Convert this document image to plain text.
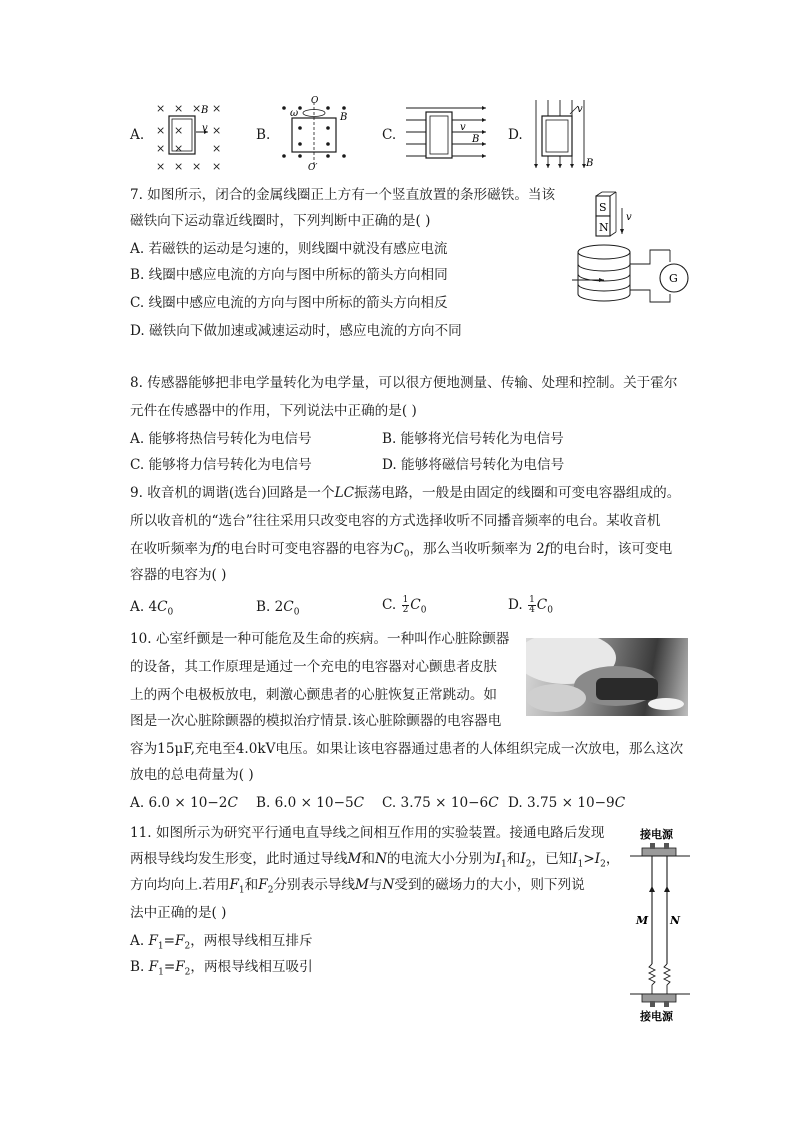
A.
× × × ×
×	×
×	×
× × × ×
×
×
B
v	B.
O
O′
ω	B
C.	v
B D.
v
B
7. 如图所示，闭合的金属线圈正上方有一个竖直放置的条形磁铁。当该
磁铁向下运动靠近线圈时，下列判断中正确的是( )
A. 若磁铁的运动是匀速的，则线圈中就没有感应电流
B. 线圈中感应电流的方向与图中所标的箭头方向相同
C. 线圈中感应电流的方向与图中所标的箭头方向相反
D. 磁铁向下做加速或减速运动时，感应电流的方向不同
S
N
v
G
8. 传感器能够把非电学量转化为电学量，可以很方便地测量、传输、处理和控制。关于霍尔
元件在传感器中的作用，下列说法中正确的是( )
A. 能够将热信号转化为电信号	B. 能够将光信号转化为电信号
C. 能够将力信号转化为电信号	D. 能够将磁信号转化为电信号
9. 收音机的调谐(选台)回路是一个LC振荡电路，一般是由固定的线圈和可变电容器组成的。
所以收音机的“选台”往往采用只改变电容的方式选择收听不同播音频率的电台。某收音机
在收听频率为f的电台时可变电容器的电容为$C_0$，那么当收听频率为 2f的电台时，该可变电
容器的电容为( )
A. $4C_0$	B. $2C_0$	C. $\frac{1}{2} C_0$	D. $\frac{1}{4} C_0$
10. 心室纤颤是一种可能危及生命的疾病。一种叫作心脏除颤器
的设备，其工作原理是通过一个充电的电容器对心颤患者皮肤
上的两个电极板放电，刺激心颤患者的心脏恢复正常跳动。如
图是一次心脏除颤器的模拟治疗情景.该心脏除颤器的电容器电
容为15μF,充电至4.0kV电压。如果让该电容器通过患者的人体组织完成一次放电，那么这次
放电的总电荷量为( )
A. 6.0 × 10−2C B. 6.0 × 10−5C C. 3.75 × 10−6C D. 3.75 × 10−9C
11. 如图所示为研究平行通电直导线之间相互作用的实验装置。接通电路后发现
两根导线均发生形变，此时通过导线M和N的电流大小分别为$I_1$和$I_2$，已知$I_1>I_2$，
方向均向上.若用$F_1$和$F_2$分别表示导线M与N受到的磁场力的大小，则下列说
法中正确的是( )
A. $F_1=F_2$，两根导线相互排斥
B. $F_1=F_2$，两根导线相互吸引
接电源
M N
接电源
